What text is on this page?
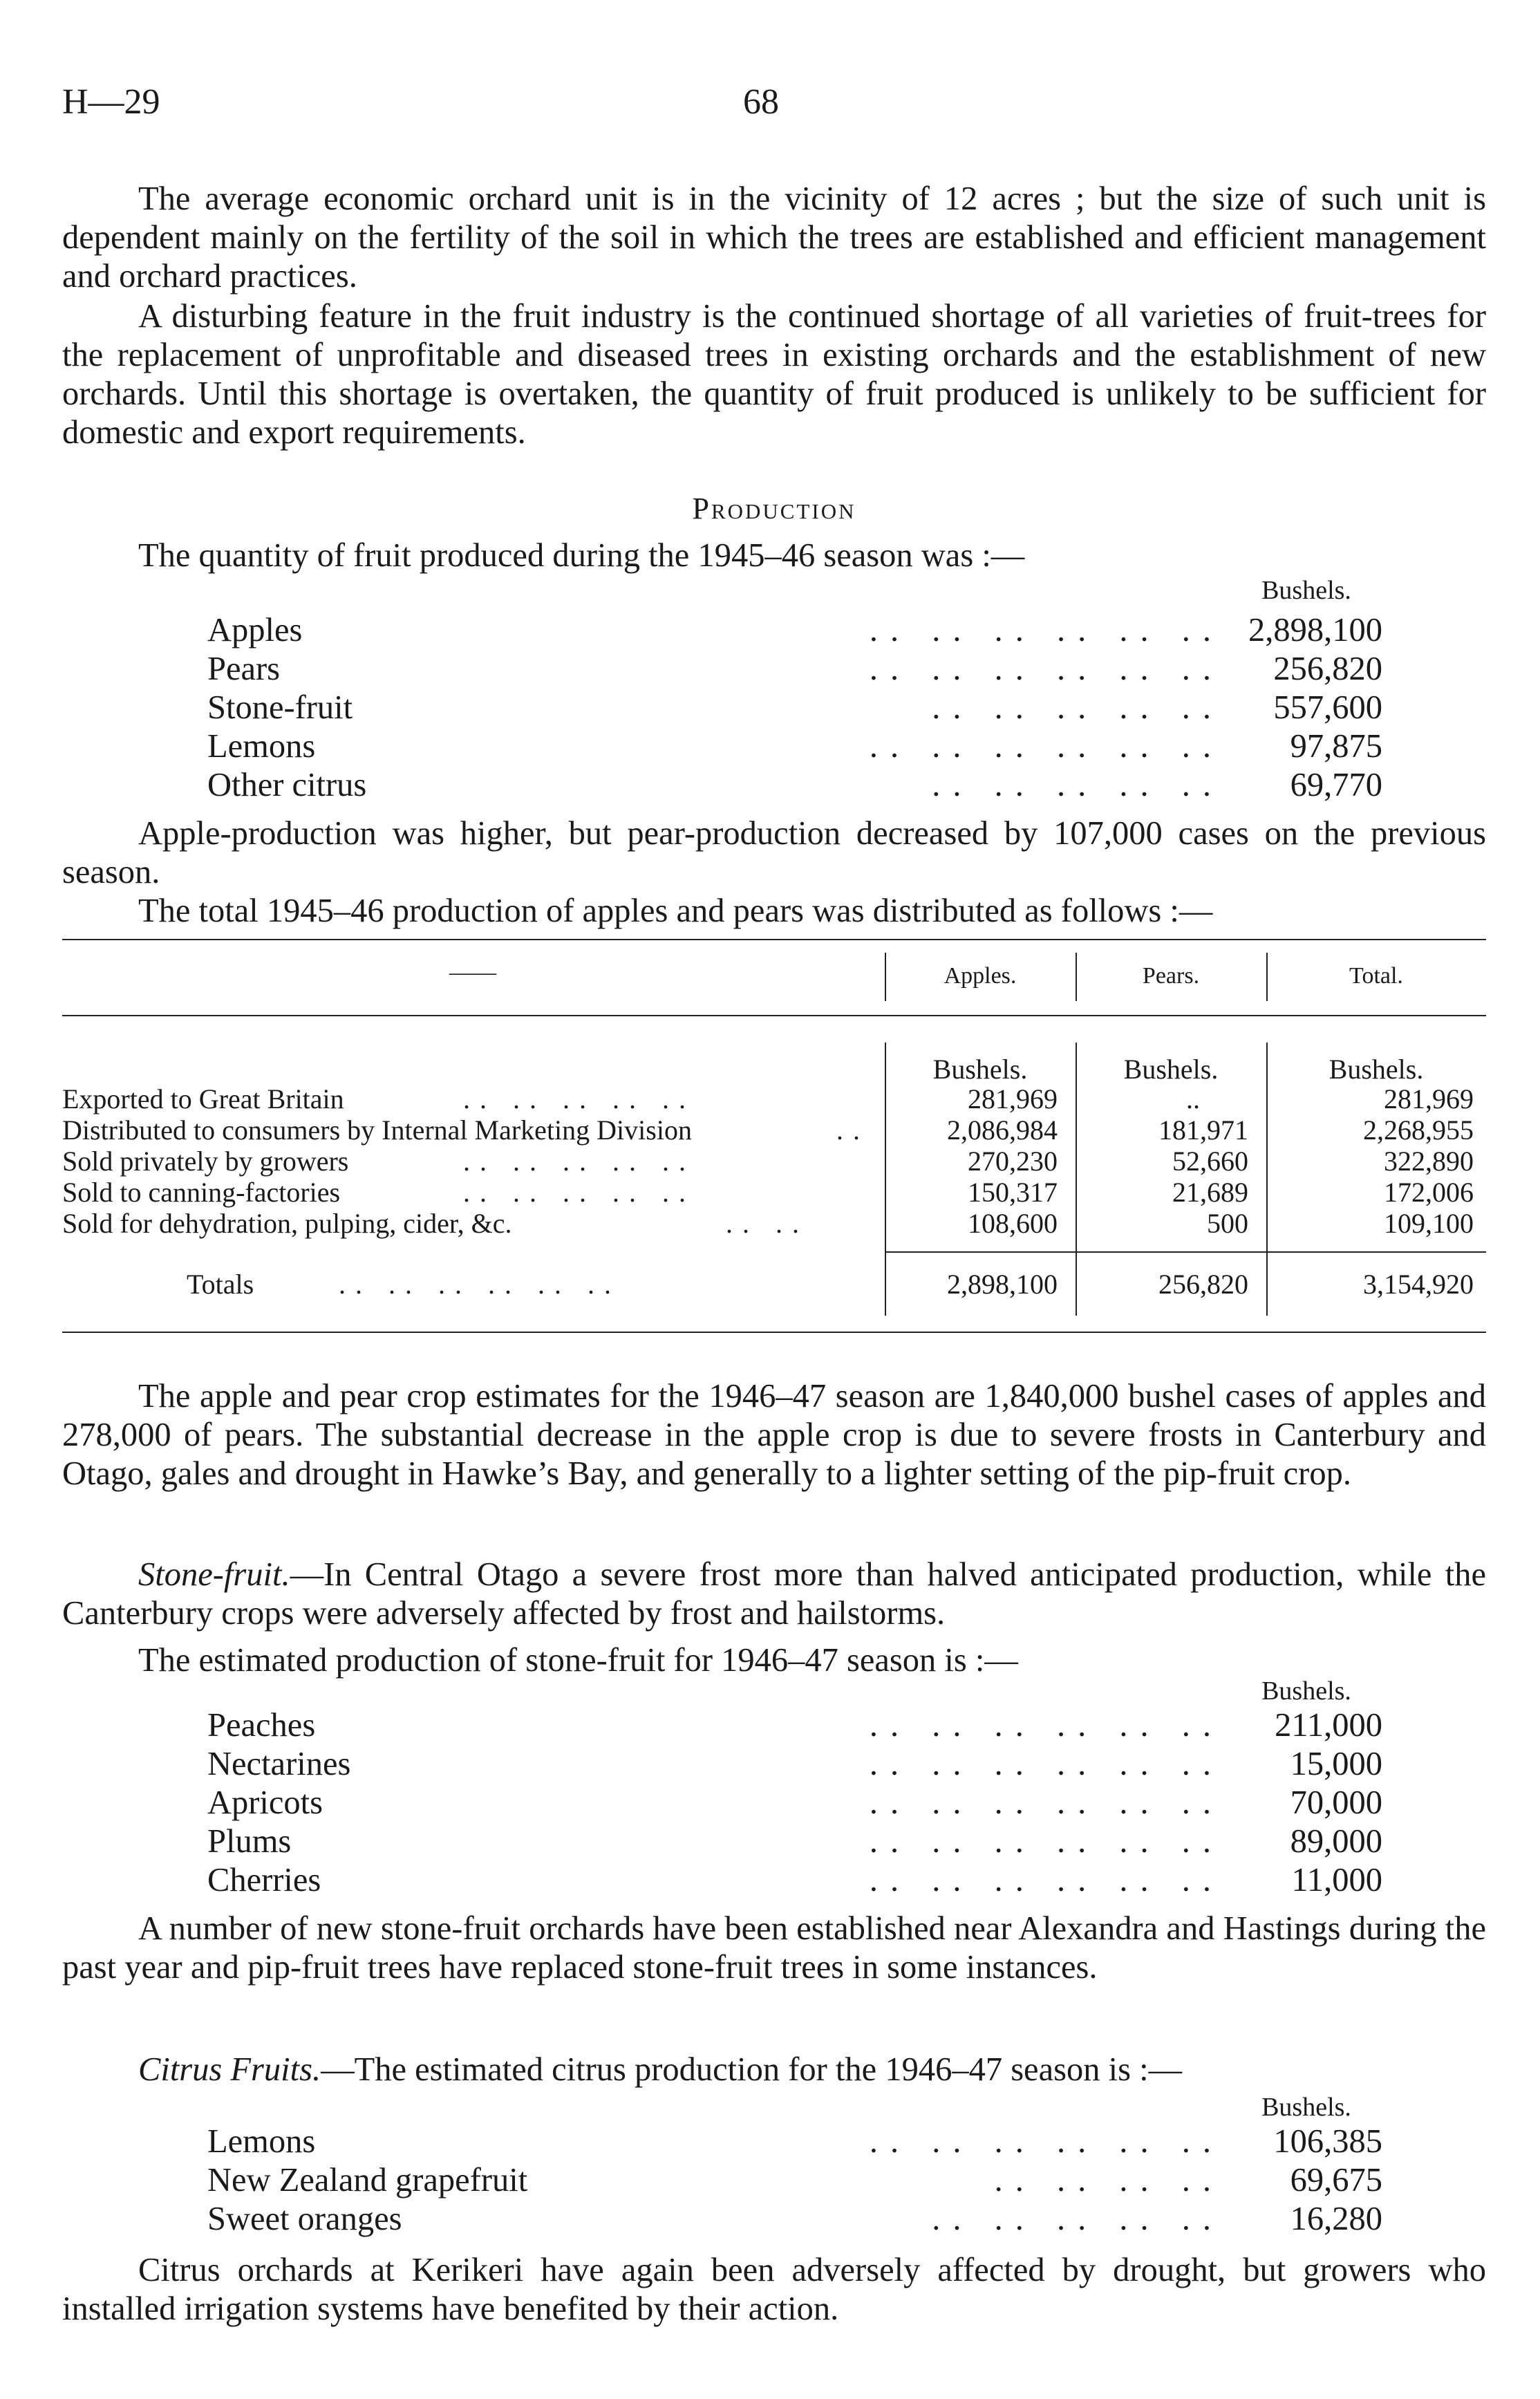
H—29	68

The average economic orchard unit is in the vicinity of 12 acres ; but the size of such unit is dependent mainly on the fertility of the soil in which the trees are established and efficient management and orchard practices.

A disturbing feature in the fruit industry is the continued shortage of all varieties of fruit-trees for the replacement of unprofitable and diseased trees in existing orchards and the establishment of new orchards. Until this shortage is overtaken, the quantity of fruit produced is unlikely to be sufficient for domestic and export requirements.

Production

The quantity of fruit produced during the 1945–46 season was :—

Bushels.
Apples	.. .. .. .. .. .. 2,898,100
Pears	.. .. .. .. .. ..	256,820
Stone-fruit	.. .. .. .. ..	557,600
Lemons	.. .. .. .. .. ..	97,875
Other citrus	.. .. .. .. ..	69,770

Apple-production was higher, but pear-production decreased by 107,000 cases on the previous season.

The total 1945–46 production of apples and pears was distributed as follows :—

——	Apples.	Pears.	Total.
Bushels.	Bushels.	Bushels.
Exported to Great Britain	.. .. .. .. ..	281,969	..	281,969
Distributed to consumers by Internal Marketing Division	..	2,086,984	181,971	2,268,955
Sold privately by growers	.. .. .. .. ..	270,230	52,660	322,890
Sold to canning-factories	.. .. .. .. ..	150,317	21,689	172,006
Sold for dehydration, pulping, cider, &c.	.. ..	108,600	500	109,100
Totals	.. .. .. .. .. ..	2,898,100	256,820	3,154,920

The apple and pear crop estimates for the 1946–47 season are 1,840,000 bushel cases of apples and 278,000 of pears. The substantial decrease in the apple crop is due to severe frosts in Canterbury and Otago, gales and drought in Hawke’s Bay, and generally to a lighter setting of the pip-fruit crop.

Stone-fruit.—In Central Otago a severe frost more than halved anticipated production, while the Canterbury crops were adversely affected by frost and hailstorms.

The estimated production of stone-fruit for 1946–47 season is :—

Bushels.
Peaches	.. .. .. .. .. ..	211,000
Nectarines	.. .. .. .. .. ..	15,000
Apricots	.. .. .. .. .. ..	70,000
Plums	.. .. .. .. .. ..	89,000
Cherries	.. .. .. .. .. ..	11,000

A number of new stone-fruit orchards have been established near Alexandra and Hastings during the past year and pip-fruit trees have replaced stone-fruit trees in some instances.

Citrus Fruits.—The estimated citrus production for the 1946–47 season is :—

Bushels.
Lemons	.. .. .. .. .. ..	106,385
New Zealand grapefruit	.. .. .. ..	69,675
Sweet oranges	.. .. .. .. ..	16,280

Citrus orchards at Kerikeri have again been adversely affected by drought, but growers who installed irrigation systems have benefited by their action.
